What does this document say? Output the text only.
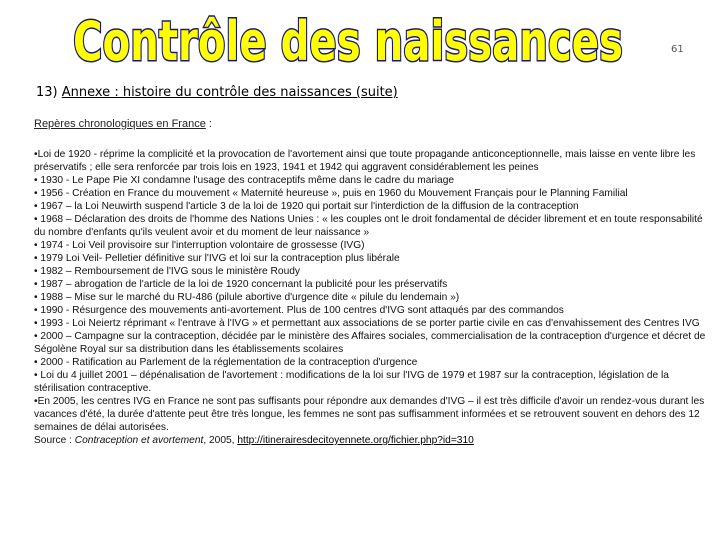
Contrôle des naissances	61
13) Annexe : histoire du contrôle des naissances (suite)
Repères chronologiques en France :

•Loi de 1920 - réprime la complicité et la provocation de l'avortement ainsi que toute propagande anticonceptionnelle, mais laisse en vente libre les préservatifs ; elle sera renforcée par trois lois en 1923, 1941 et 1942 qui aggravent considérablement les peines

• 1930 - Le Pape Pie XI condamne l'usage des contraceptifs même dans le cadre du mariage

• 1956 - Création en France du mouvement « Maternité heureuse », puis en 1960 du Mouvement Français pour le Planning Familial

• 1967 – la Loi Neuwirth suspend l'article 3 de la loi de 1920 qui portait sur l'interdiction de la diffusion de la contraception

• 1968 – Déclaration des droits de l'homme des Nations Unies : « les couples ont le droit fondamental de décider librement et en toute responsabilité du nombre d'enfants qu'ils veulent avoir et du moment de leur naissance »

• 1974 - Loi Veil provisoire sur l'interruption volontaire de grossesse (IVG)

• 1979 Loi Veil- Pelletier définitive sur l'IVG et loi sur la contraception plus libérale

• 1982 – Remboursement de l'IVG sous le ministère Roudy

• 1987 – abrogation de l'article de la loi de 1920 concernant la publicité pour les préservatifs

• 1988 – Mise sur le marché du RU-486 (pilule abortive d'urgence dite « pilule du lendemain »)

• 1990 - Résurgence des mouvements anti-avortement. Plus de 100 centres d'IVG sont attaqués par des commandos

• 1993 - Loi Neiertz réprimant « l'entrave à l'IVG » et permettant aux associations de se porter partie civile en cas d'envahissement des Centres IVG

• 2000 – Campagne sur la contraception, décidée par le ministère des Affaires sociales, commercialisation de la contraception d'urgence et décret de Ségolène Royal sur sa distribution dans les établissements scolaires

• 2000 - Ratification au Parlement de la réglementation de la contraception d'urgence

• Loi du 4 juillet 2001 – dépénalisation de l'avortement : modifications de la loi sur l'IVG de 1979 et 1987 sur la contraception, législation de la stérilisation contraceptive.

•En 2005, les centres IVG en France ne sont pas suffisants pour répondre aux demandes d'IVG – il est très difficile d'avoir un rendez-vous durant les vacances d'été, la durée d'attente peut être très longue, les femmes ne sont pas suffisamment informées et se retrouvent souvent en dehors des 12 semaines de délai autorisées.

Source : Contraception et avortement, 2005, http://itinerairesdecitoyennete.org/fichier.php?id=310
